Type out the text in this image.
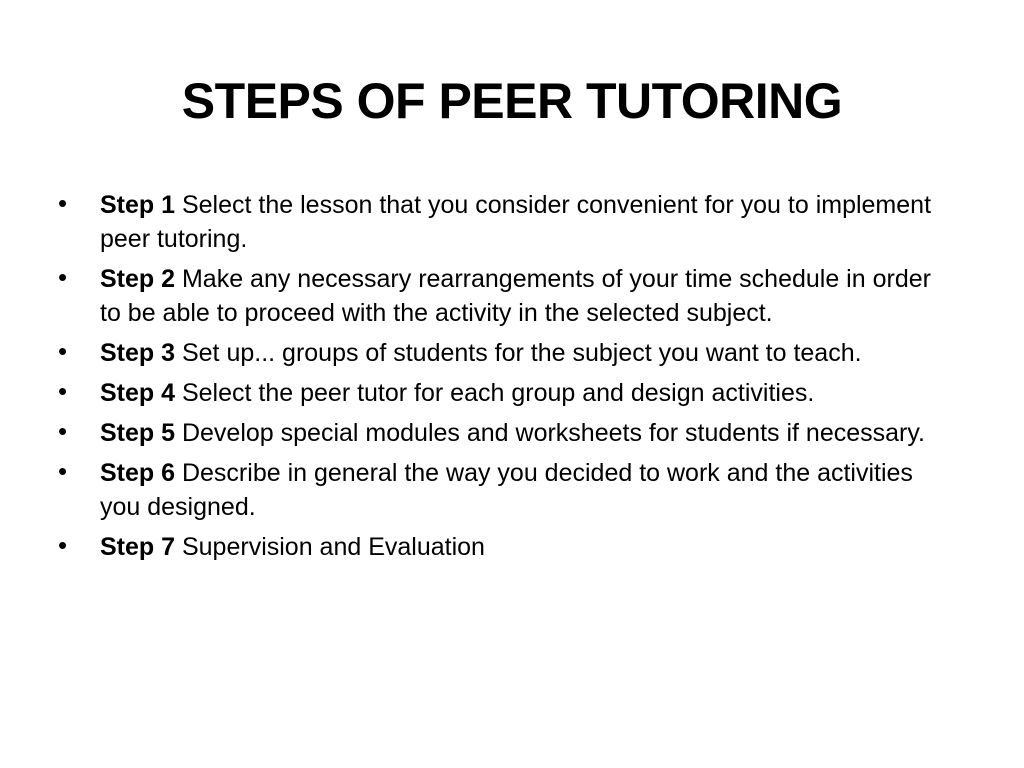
STEPS OF PEER TUTORING
• Step 1 Select the lesson that you consider convenient for you to implement peer tutoring.
• Step 2 Make any necessary rearrangements of your time schedule in order to be able to proceed with the activity in the selected subject.
• Step 3 Set up... groups of students for the subject you want to teach.
• Step 4 Select the peer tutor for each group and design activities.
• Step 5 Develop special modules and worksheets for students if necessary.
• Step 6 Describe in general the way you decided to work and the activities you designed.
• Step 7 Supervision and Evaluation
